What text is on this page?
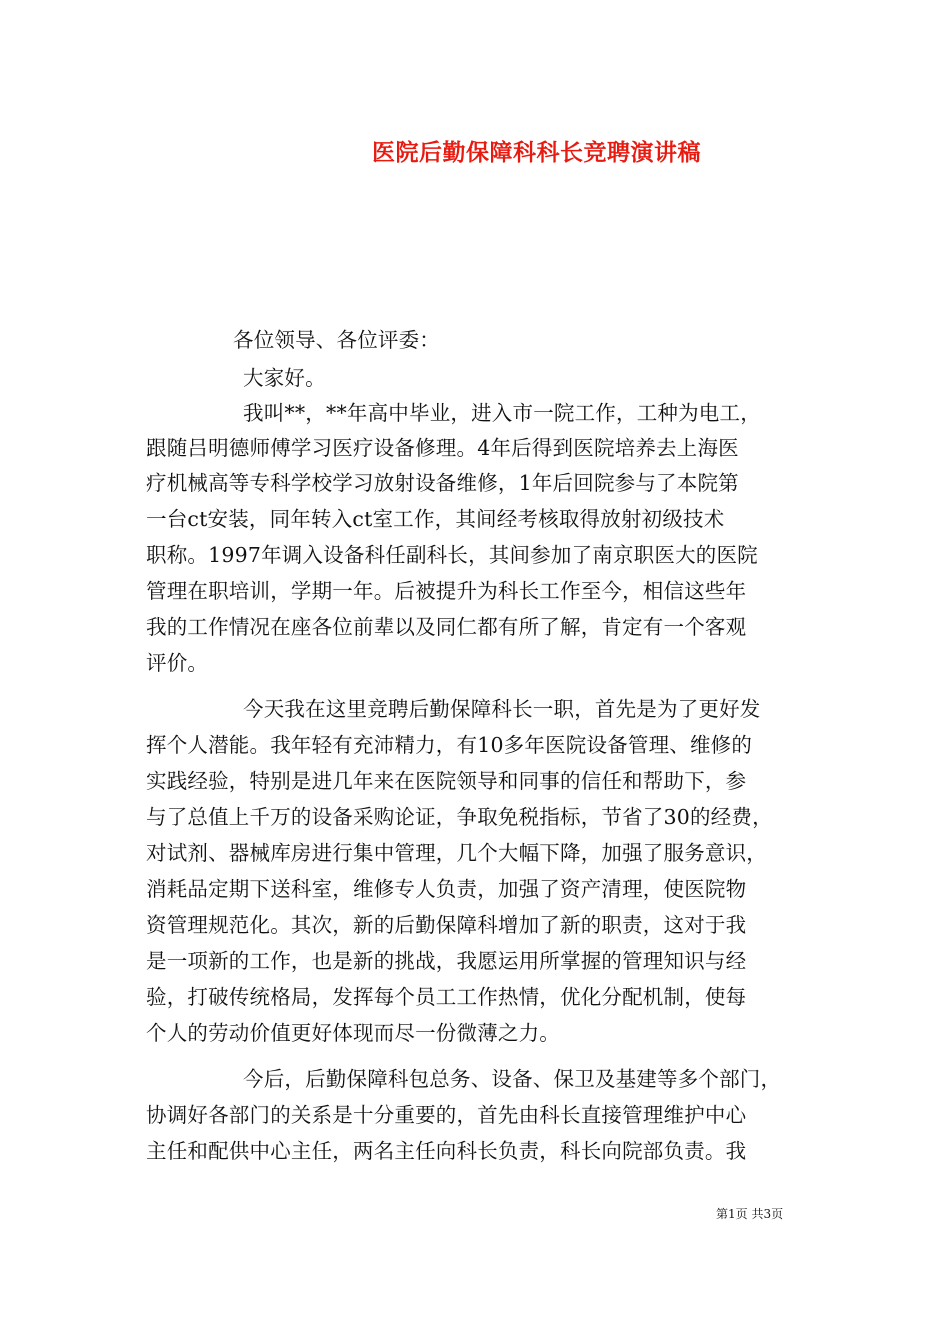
医院后勤保障科科长竞聘演讲稿
各位领导、各位评委：
大家好。
我叫**，**年高中毕业，进入市一院工作，工种为电工，
跟随吕明德师傅学习医疗设备修理。4年后得到医院培养去上海医
疗机械高等专科学校学习放射设备维修，1年后回院参与了本院第
一台ct安装，同年转入ct室工作，其间经考核取得放射初级技术
职称。1997年调入设备科任副科长，其间参加了南京职医大的医院
管理在职培训，学期一年。后被提升为科长工作至今，相信这些年
我的工作情况在座各位前辈以及同仁都有所了解，肯定有一个客观
评价。
今天我在这里竞聘后勤保障科长一职，首先是为了更好发
挥个人潜能。我年轻有充沛精力，有10多年医院设备管理、维修的
实践经验，特别是进几年来在医院领导和同事的信任和帮助下，参
与了总值上千万的设备采购论证，争取免税指标，节省了30的经费，
对试剂、器械库房进行集中管理，几个大幅下降，加强了服务意识，
消耗品定期下送科室，维修专人负责，加强了资产清理，使医院物
资管理规范化。其次，新的后勤保障科增加了新的职责，这对于我
是一项新的工作，也是新的挑战，我愿运用所掌握的管理知识与经
验，打破传统格局，发挥每个员工工作热情，优化分配机制，使每
个人的劳动价值更好体现而尽一份微薄之力。
今后，后勤保障科包总务、设备、保卫及基建等多个部门，
协调好各部门的关系是十分重要的，首先由科长直接管理维护中心
主任和配供中心主任，两名主任向科长负责，科长向院部负责。我
第1页 共3页
